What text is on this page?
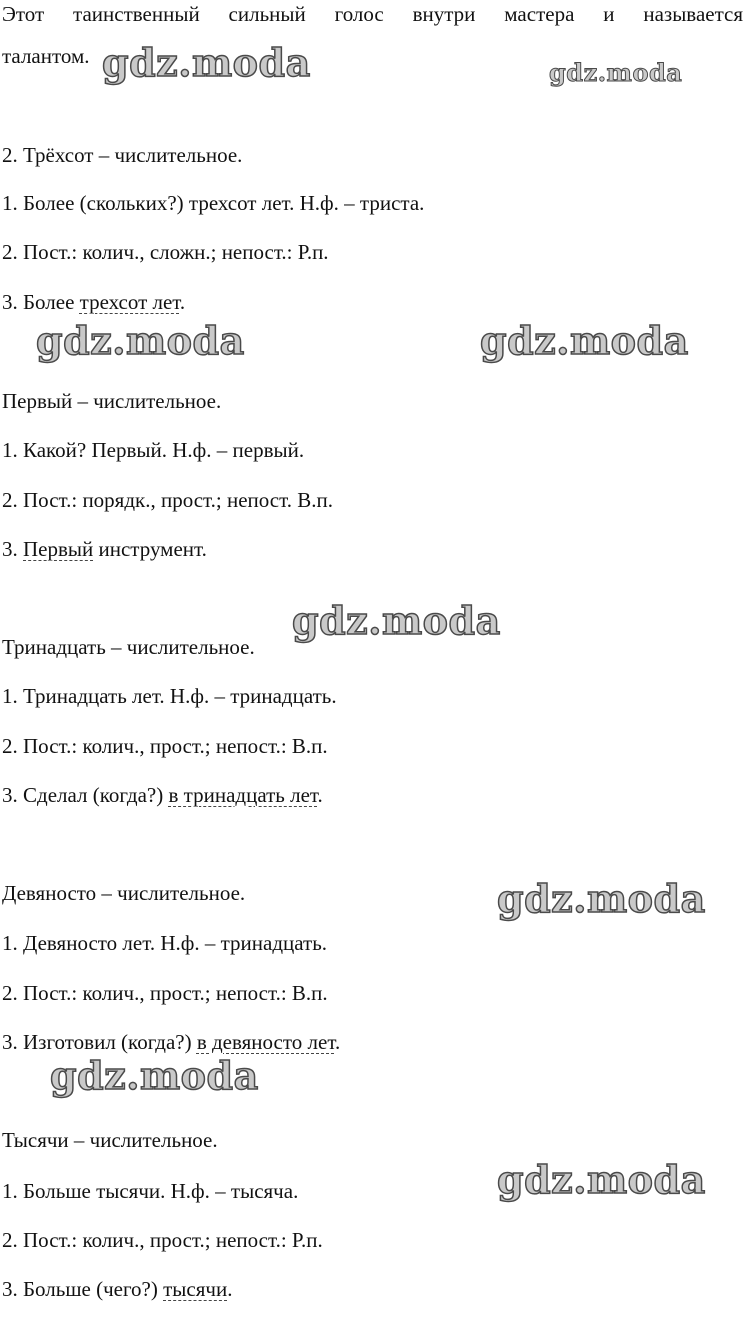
Этот таинственный сильный голос внутри мастера и называется
талантом.
2. Трёхсот – числительное.
1. Более (скольких?) трехсот лет. Н.ф. – триста.
2. Пост.: колич., сложн.; непост.: Р.п.
3. Более трехсот лет.
Первый – числительное.
1. Какой? Первый. Н.ф. – первый.
2. Пост.: порядк., прост.; непост. В.п.
3. Первый инструмент.
Тринадцать – числительное.
1. Тринадцать лет. Н.ф. – тринадцать.
2. Пост.: колич., прост.; непост.: В.п.
3. Сделал (когда?) в тринадцать лет.
Девяносто – числительное.
1. Девяносто лет. Н.ф. – тринадцать.
2. Пост.: колич., прост.; непост.: В.п.
3. Изготовил (когда?) в девяносто лет.
Тысячи – числительное.
1. Больше тысячи. Н.ф. – тысяча.
2. Пост.: колич., прост.; непост.: Р.п.
3. Больше (чего?) тысячи.
gdz.moda	gdz.moda
gdz.moda	gdz.moda
gdz.moda
gdz.moda
gdz.moda
gdz.moda
